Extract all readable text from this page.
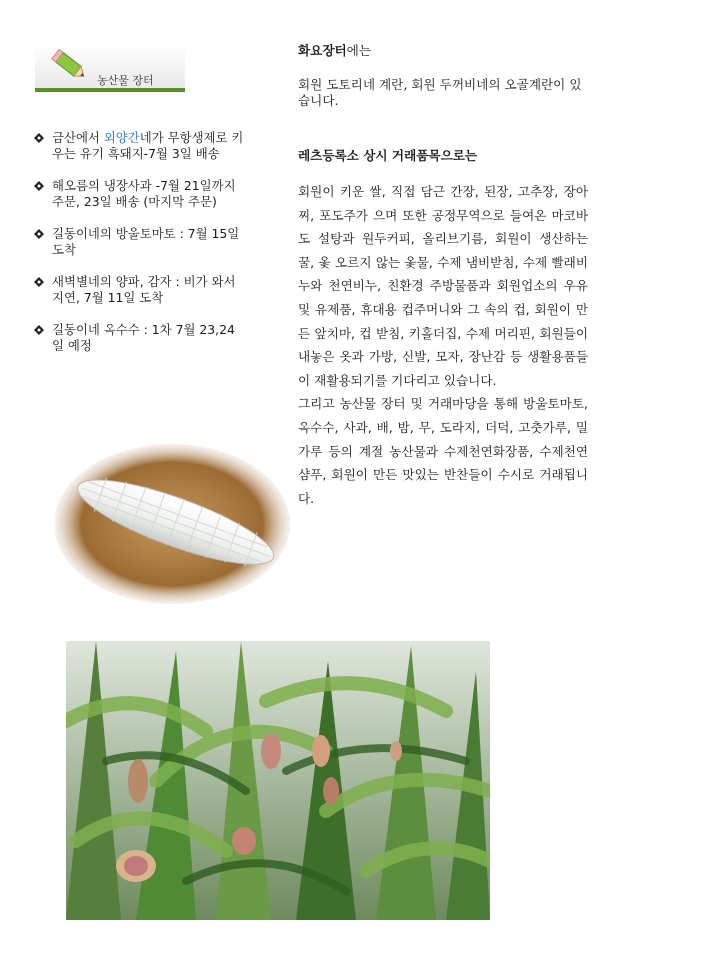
농산물 장터
금산에서 외양간네가 무항생제로 키우는 유기 흑돼지-7월 3일 배송
해오름의 냉장사과 -7월 21일까지 주문, 23일 배송 (마지막 주문)
길동이네의 방울토마토 : 7월 15일 도착
새벽별네의 양파, 감자 : 비가 와서 지연, 7월 11일 도착
길동이네 옥수수 : 1차 7월 23,24일 예정
화요장터에는
회원 도토리네 계란, 회원 두꺼비네의 오골계란이 있습니다.
레츠등록소 상시 거래품목으로는
회원이 키운 쌀, 직접 담근 간장, 된장, 고추장, 장아찌, 포도주가 으며 또한 공정무역으로 들여온 마코바도 설탕과 원두커피, 올리브기름, 회원이 생산하는 꿀, 옻 오르지 않는 옻물, 수제 냄비받침, 수제 빨래비누와 천연비누, 친환경 주방물품과 회원업소의 우유 및 유제품, 휴대용 컵주머니와 그 속의 컵, 회원이 만든 앞치마, 컵 받침, 키홀더집, 수제 머리핀, 회원들이 내놓은 옷과 가방, 신발, 모자, 장난감 등 생활용품들이 재활용되기를 기다리고 있습니다.
그리고 농산물 장터 및 거래마당을 통해 방울토마토, 옥수수, 사과, 배, 밤, 무, 도라지, 더덕, 고춧가루, 밀가루 등의 계절 농산물과 수제천연화장품, 수제천연샴푸, 회원이 만든 맛있는 반찬들이 수시로 거래됩니다.
